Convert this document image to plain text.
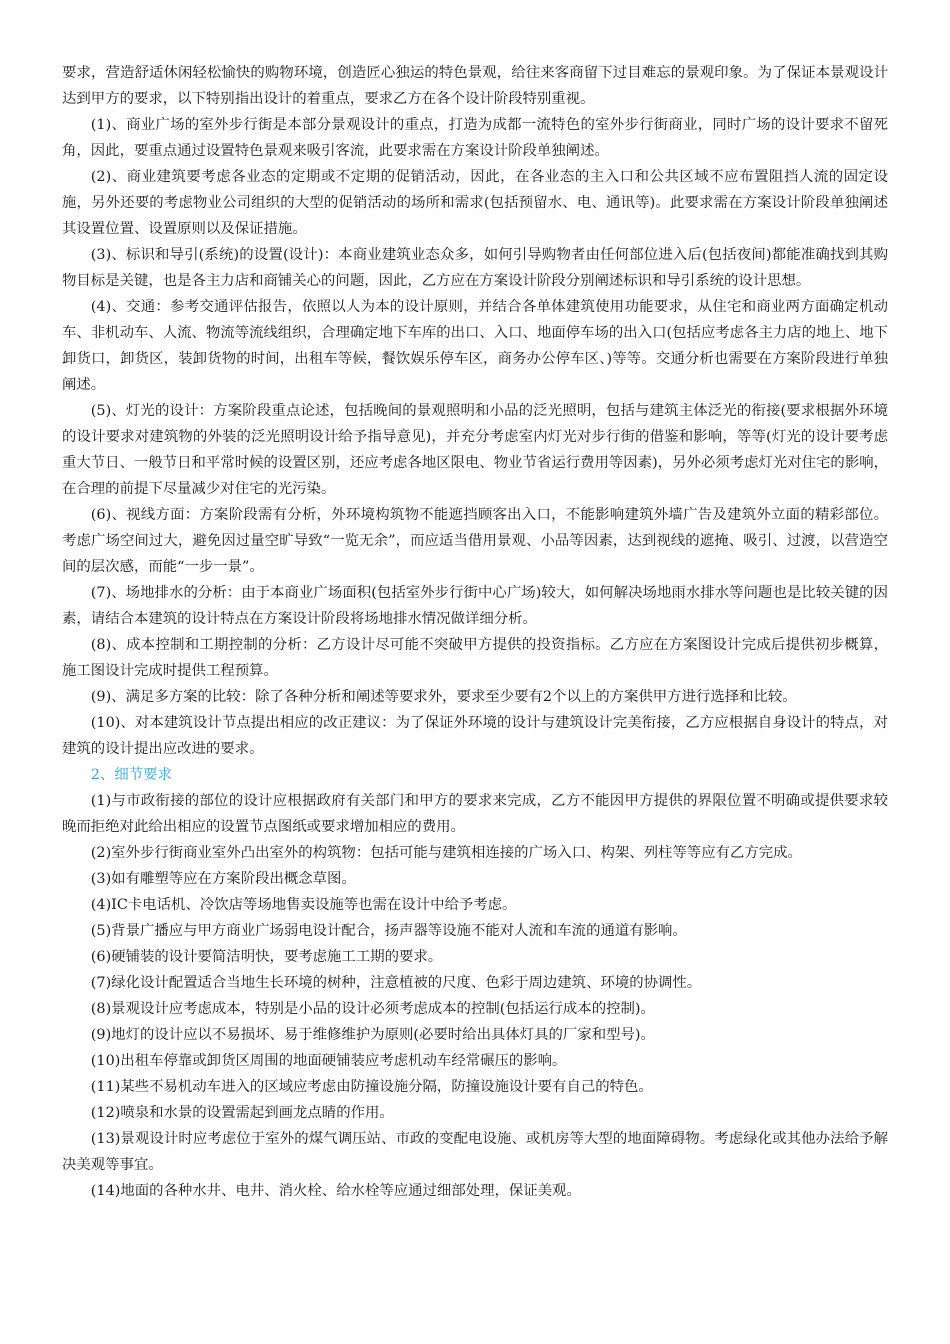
要求，营造舒适休闲轻松愉快的购物环境，创造匠心独运的特色景观，给往来客商留下过目难忘的景观印象。为了保证本景观设计达到甲方的要求，以下特别指出设计的着重点，要求乙方在各个设计阶段特别重视。

(1)、商业广场的室外步行街是本部分景观设计的重点，打造为成都一流特色的室外步行街商业，同时广场的设计要求不留死角，因此，要重点通过设置特色景观来吸引客流，此要求需在方案设计阶段单独阐述。

(2)、商业建筑要考虑各业态的定期或不定期的促销活动，因此，在各业态的主入口和公共区域不应布置阻挡人流的固定设施，另外还要的考虑物业公司组织的大型的促销活动的场所和需求(包括预留水、电、通讯等)。此要求需在方案设计阶段单独阐述其设置位置、设置原则以及保证措施。

(3)、标识和导引(系统)的设置(设计)：本商业建筑业态众多，如何引导购物者由任何部位进入后(包括夜间)都能准确找到其购物目标是关键，也是各主力店和商铺关心的问题，因此，乙方应在方案设计阶段分别阐述标识和导引系统的设计思想。

(4)、交通：参考交通评估报告，依照以人为本的设计原则，并结合各单体建筑使用功能要求，从住宅和商业两方面确定机动车、非机动车、人流、物流等流线组织，合理确定地下车库的出口、入口、地面停车场的出入口(包括应考虑各主力店的地上、地下卸货口，卸货区，装卸货物的时间，出租车等候，餐饮娱乐停车区，商务办公停车区、)等等。交通分析也需要在方案阶段进行单独阐述。

(5)、灯光的设计：方案阶段重点论述，包括晚间的景观照明和小品的泛光照明，包括与建筑主体泛光的衔接(要求根据外环境的设计要求对建筑物的外装的泛光照明设计给予指导意见)，并充分考虑室内灯光对步行街的借鉴和影响，等等(灯光的设计要考虑重大节日、一般节日和平常时候的设置区别，还应考虑各地区限电、物业节省运行费用等因素)，另外必须考虑灯光对住宅的影响，在合理的前提下尽量减少对住宅的光污染。

(6)、视线方面：方案阶段需有分析，外环境构筑物不能遮挡顾客出入口，不能影响建筑外墙广告及建筑外立面的精彩部位。考虑广场空间过大，避免因过量空旷导致“一览无余”，而应适当借用景观、小品等因素，达到视线的遮掩、吸引、过渡，以营造空间的层次感，而能“一步一景”。

(7)、场地排水的分析：由于本商业广场面积(包括室外步行街中心广场)较大，如何解决场地雨水排水等问题也是比较关键的因素，请结合本建筑的设计特点在方案设计阶段将场地排水情况做详细分析。

(8)、成本控制和工期控制的分析：乙方设计尽可能不突破甲方提供的投资指标。乙方应在方案图设计完成后提供初步概算，施工图设计完成时提供工程预算。

(9)、满足多方案的比较：除了各种分析和阐述等要求外，要求至少要有2个以上的方案供甲方进行选择和比较。

(10)、对本建筑设计节点提出相应的改正建议：为了保证外环境的设计与建筑设计完美衔接，乙方应根据自身设计的特点，对建筑的设计提出应改进的要求。

2、细节要求

(1)与市政衔接的部位的设计应根据政府有关部门和甲方的要求来完成，乙方不能因甲方提供的界限位置不明确或提供要求较晚而拒绝对此给出相应的设置节点图纸或要求增加相应的费用。

(2)室外步行街商业室外凸出室外的构筑物：包括可能与建筑相连接的广场入口、构架、列柱等等应有乙方完成。

(3)如有雕塑等应在方案阶段出概念草图。

(4)IC卡电话机、冷饮店等场地售卖设施等也需在设计中给予考虑。

(5)背景广播应与甲方商业广场弱电设计配合，扬声器等设施不能对人流和车流的通道有影响。

(6)硬铺装的设计要简洁明快，要考虑施工工期的要求。

(7)绿化设计配置适合当地生长环境的树种，注意植被的尺度、色彩于周边建筑、环境的协调性。

(8)景观设计应考虑成本，特别是小品的设计必须考虑成本的控制(包括运行成本的控制)。

(9)地灯的设计应以不易损坏、易于维修维护为原则(必要时给出具体灯具的厂家和型号)。

(10)出租车停靠或卸货区周围的地面硬铺装应考虑机动车经常碾压的影响。

(11)某些不易机动车进入的区域应考虑由防撞设施分隔，防撞设施设计要有自己的特色。

(12)喷泉和水景的设置需起到画龙点睛的作用。

(13)景观设计时应考虑位于室外的煤气调压站、市政的变配电设施、或机房等大型的地面障碍物。考虑绿化或其他办法给予解决美观等事宜。

(14)地面的各种水井、电井、消火栓、给水栓等应通过细部处理，保证美观。
